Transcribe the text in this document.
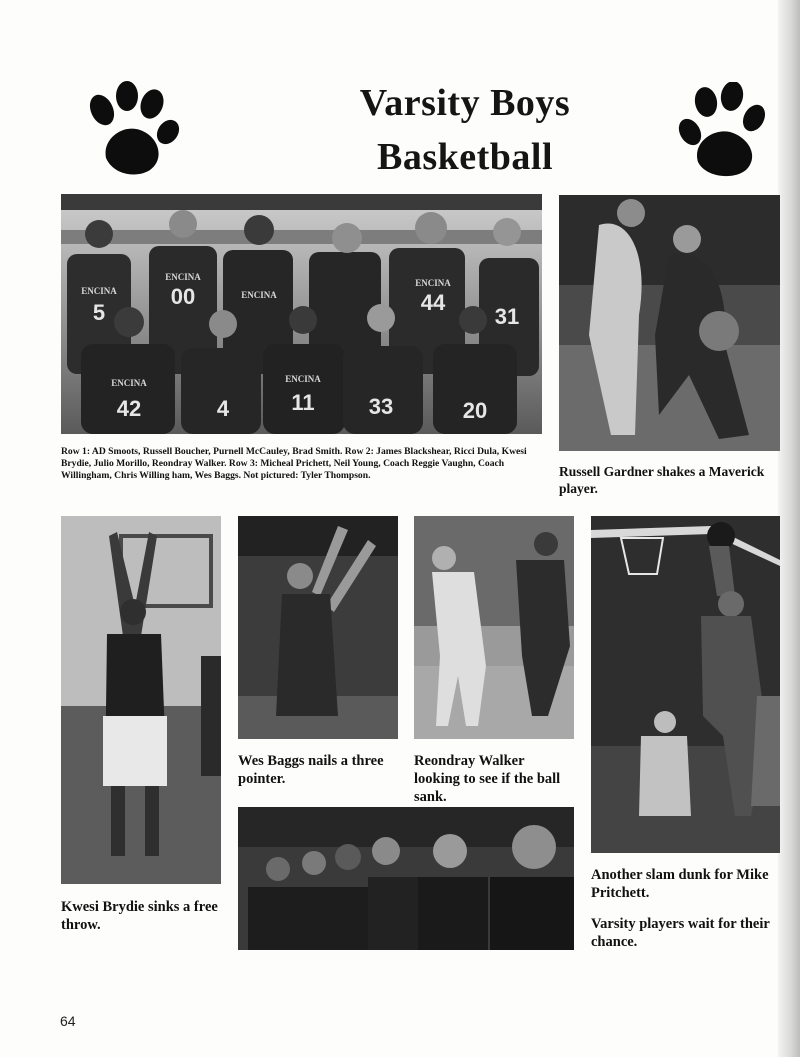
Varsity Boys
Basketball
5
00	44
31
42	4	11 33	20
ENCINA
ENCINA
ENCINA
ENCINA
ENCINA	ENCINA
Row 1: AD Smoots, Russell Boucher, Purnell McCauley, Brad Smith. Row 2: James Blackshear, Ricci Dula, Kwesi Brydie, Julio Morillo, Reondray Walker. Row 3: Micheal Prichett, Neil Young, Coach Reggie Vaughn, Coach Willingham, Chris Willing ham, Wes Baggs. Not pictured: Tyler Thompson.	Russell Gardner shakes a Maverick player.
Kwesi Brydie sinks a free throw.
Wes Baggs nails a three pointer.
Reondray Walker looking to see if the ball sank.
Another slam dunk for Mike Pritchett.
Varsity players wait for their chance.
64
